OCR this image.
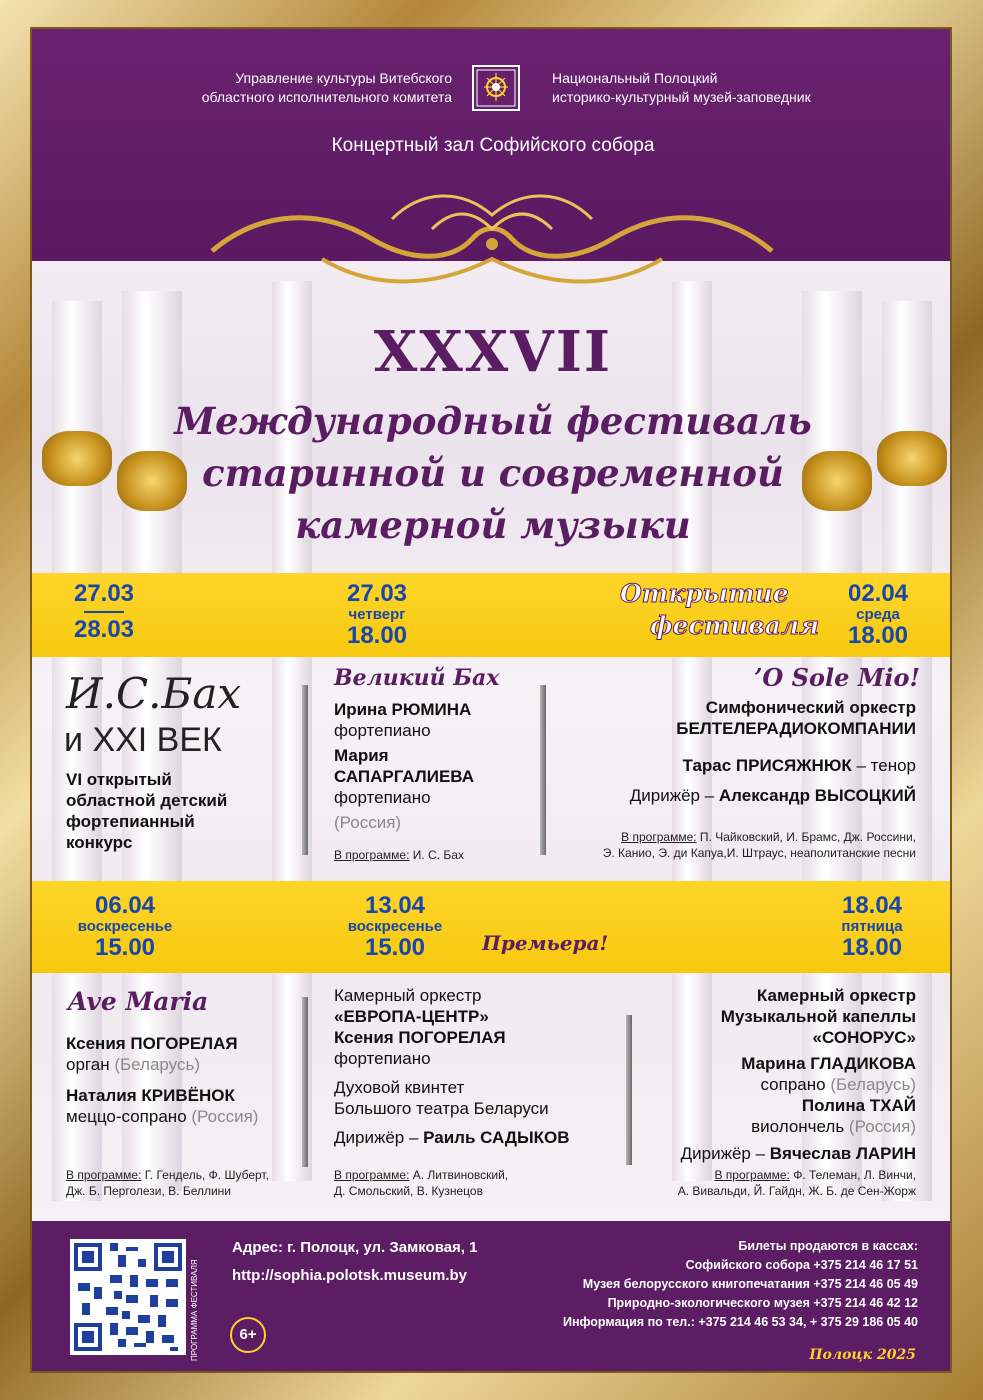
Управление культуры Витебского
областного исполнительного комитета
Национальный Полоцкий
историко-культурный музей-заповедник
Концертный зал Софийского собора
XXXVII
Международный фестиваль
старинной и современной
камерной музыки
27.03
28.03
27.03
четверг
18.00
Открытие
фестиваля
02.04
среда
18.00
И.С.Бах
и XXI ВЕК
VI открытый
областной детский
фортепианный
конкурс
Великий Бах
Ирина РЮМИНА
фортепиано
Мария
САПАРГАЛИЕВА
фортепиано
(Россия)
В программе: И. С. Бах
’O Sole Mio!
Симфонический оркестр
БЕЛТЕЛЕРАДИОКОМПАНИИ
Тарас ПРИСЯЖНЮК – тенор
Дирижёр – Александр ВЫСОЦКИЙ
В программе: П. Чайковский, И. Брамс, Дж. Россини,
Э. Канио, Э. ди Капуа,И. Штраус, неаполитанские песни
06.04
воскресенье
15.00
13.04
воскресенье
15.00	Премьера!
18.04
пятница
18.00
Ave Maria
Ксения ПОГОРЕЛАЯ
орган (Беларусь)
Наталия КРИВЁНОК
меццо-сопрано (Россия)
В программе: Г. Гендель, Ф. Шуберт,
Дж. Б. Перголези, В. Беллини
Камерный оркестр
«ЕВРОПА-ЦЕНТР»
Ксения ПОГОРЕЛАЯ
фортепиано
Духовой квинтет
Большого театра Беларуси
Дирижёр – Раиль САДЫКОВ
В программе: А. Литвиновский,
Д. Смольский, В. Кузнецов
Камерный оркестр
Музыкальной капеллы
«СОНОРУС»
Марина ГЛАДИКОВА
сопрано (Беларусь)
Полина ТХАЙ
виолончель (Россия)
Дирижёр – Вячеслав ЛАРИН
В программе: Ф. Телеман, Л. Винчи,
А. Вивальди, Й. Гайдн, Ж. Б. де Сен-Жорж
ПРОГРАММА ФЕСТИВАЛЯ
Адрес: г. Полоцк, ул. Замковая, 1
http://sophia.polotsk.museum.by
6+
Билеты продаются в кассах:
Софийского собора +375 214 46 17 51
Музея белорусского книгопечатания +375 214 46 05 49
Природно-экологического музея +375 214 46 42 12
Информация по тел.: +375 214 46 53 34, + 375 29 186 05 40
Полоцк 2025
